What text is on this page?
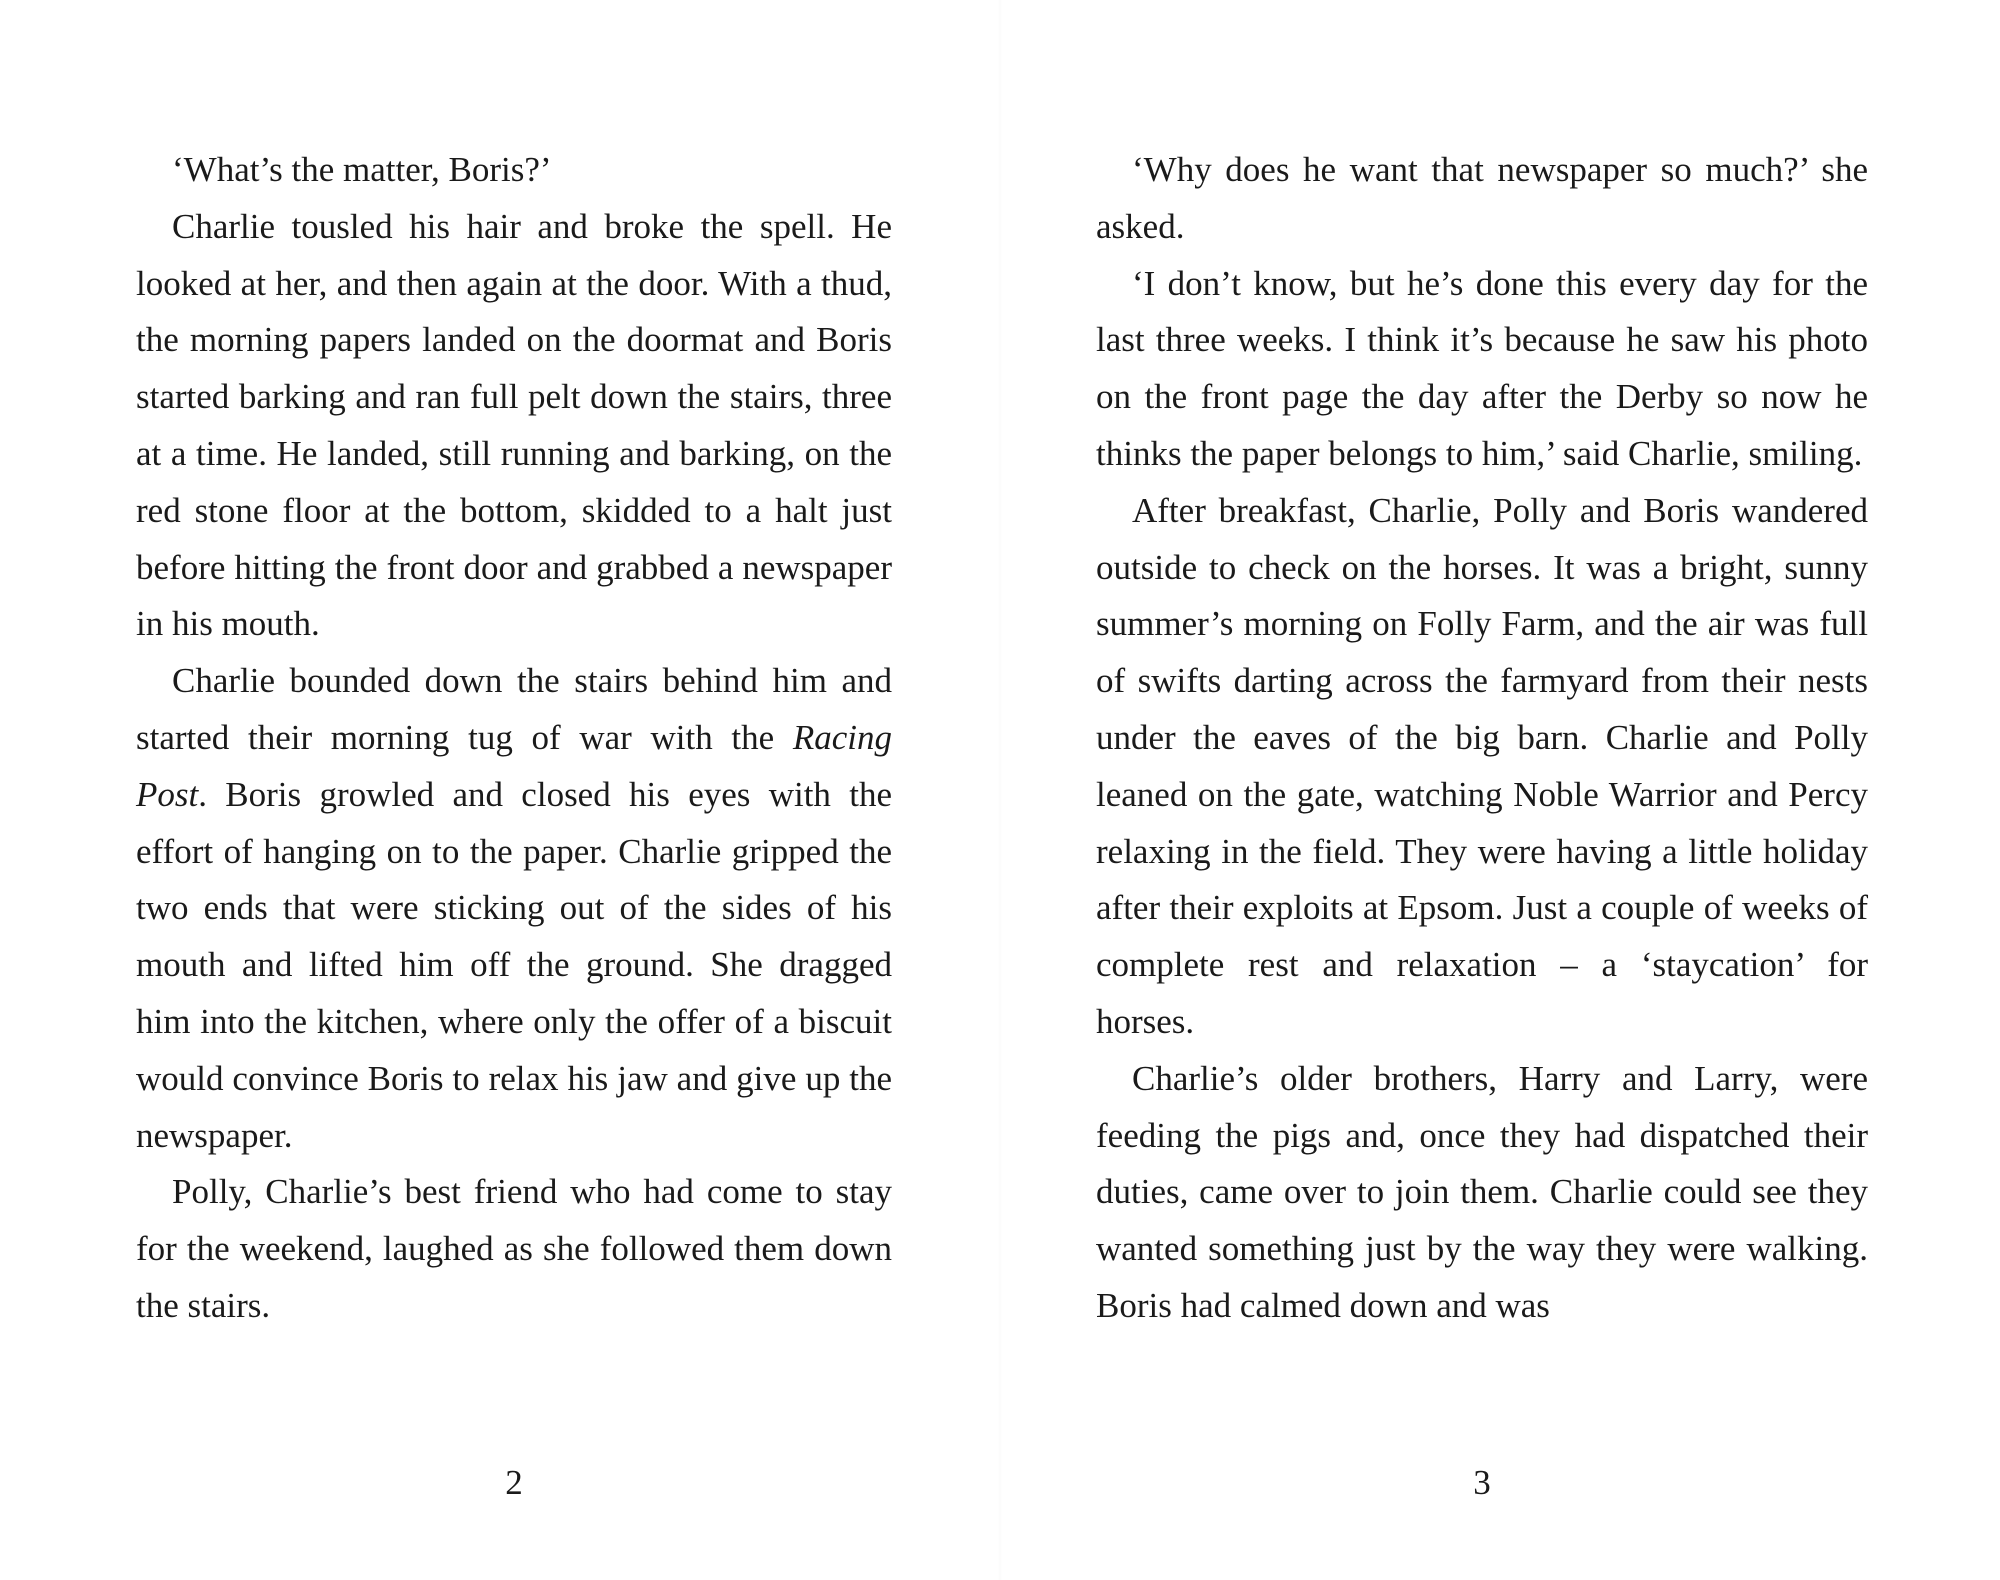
‘What’s the matter, Boris?’

Charlie tousled his hair and broke the spell. He looked at her, and then again at the door. With a thud, the morning papers landed on the doormat and Boris started barking and ran full pelt down the stairs, three at a time. He landed, still running and barking, on the red stone floor at the bottom, skidded to a halt just before hitting the front door and grabbed a newspaper in his mouth.

Charlie bounded down the stairs behind him and started their morning tug of war with the Racing Post. Boris growled and closed his eyes with the effort of hanging on to the paper. Charlie gripped the two ends that were sticking out of the sides of his mouth and lifted him off the ground. She dragged him into the kitchen, where only the offer of a biscuit would convince Boris to relax his jaw and give up the newspaper.

Polly, Charlie’s best friend who had come to stay for the weekend, laughed as she followed them down the stairs.

2

‘Why does he want that newspaper so much?’ she asked.

‘I don’t know, but he’s done this every day for the last three weeks. I think it’s because he saw his photo on the front page the day after the Derby so now he thinks the paper belongs to him,’ said Charlie, smiling.

After breakfast, Charlie, Polly and Boris wandered outside to check on the horses. It was a bright, sunny summer’s morning on Folly Farm, and the air was full of swifts darting across the farmyard from their nests under the eaves of the big barn. Charlie and Polly leaned on the gate, watching Noble Warrior and Percy relaxing in the field. They were having a little holiday after their exploits at Epsom. Just a couple of weeks of complete rest and relaxation – a ‘staycation’ for horses.

Charlie’s older brothers, Harry and Larry, were feeding the pigs and, once they had dispatched their duties, came over to join them. Charlie could see they wanted something just by the way they were walking. Boris had calmed down and was

3
